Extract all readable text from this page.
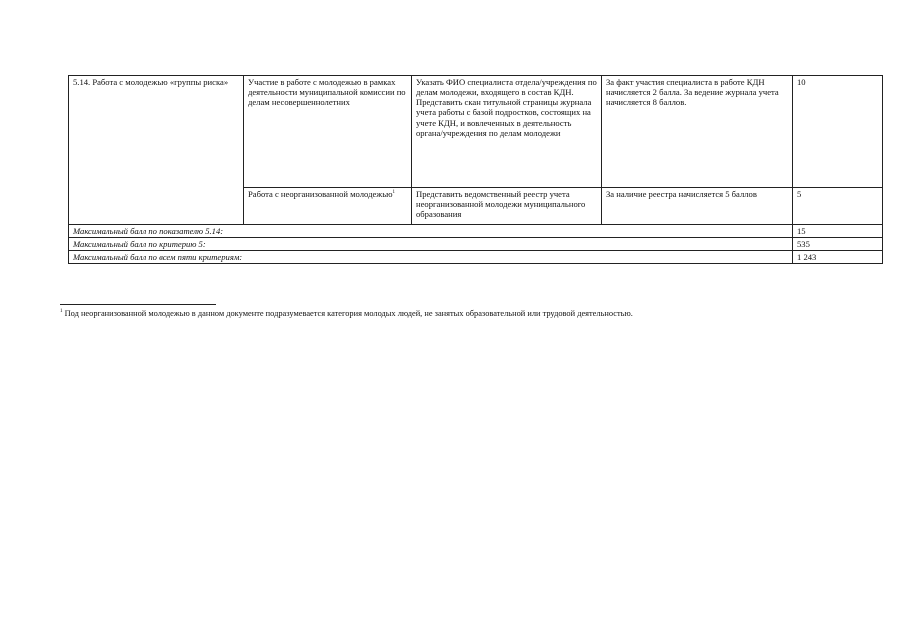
5.14. Работа с молодежью «группы риска»	Участие в работе с молодежью в рамках деятельности муниципальной комиссии по делам несовершеннолетних	Указать ФИО специалиста отдела/учреждения по делам молодежи, входящего в состав КДН. Представить скан титульной страницы журнала учета работы с базой подростков, состоящих на учете КДН, и вовлеченных в деятельность органа/учреждения по делам молодежи	За факт участия специалиста в работе КДН начисляется 2 балла. За ведение журнала учета начисляется 8 баллов.	10
	Работа с неорганизованной молодежью$^1$	Представить ведомственный реестр учета неорганизованной молодежи муниципального образования	За наличие реестра начисляется 5 баллов	5
Максимальный балл по показателю 5.14:				15
Максимальный балл по критерию 5:				535
Максимальный балл по всем пяти критериям:				1 243
$^1$ Под неорганизованной молодежью в данном документе подразумевается категория молодых людей, не занятых образовательной или трудовой деятельностью.
